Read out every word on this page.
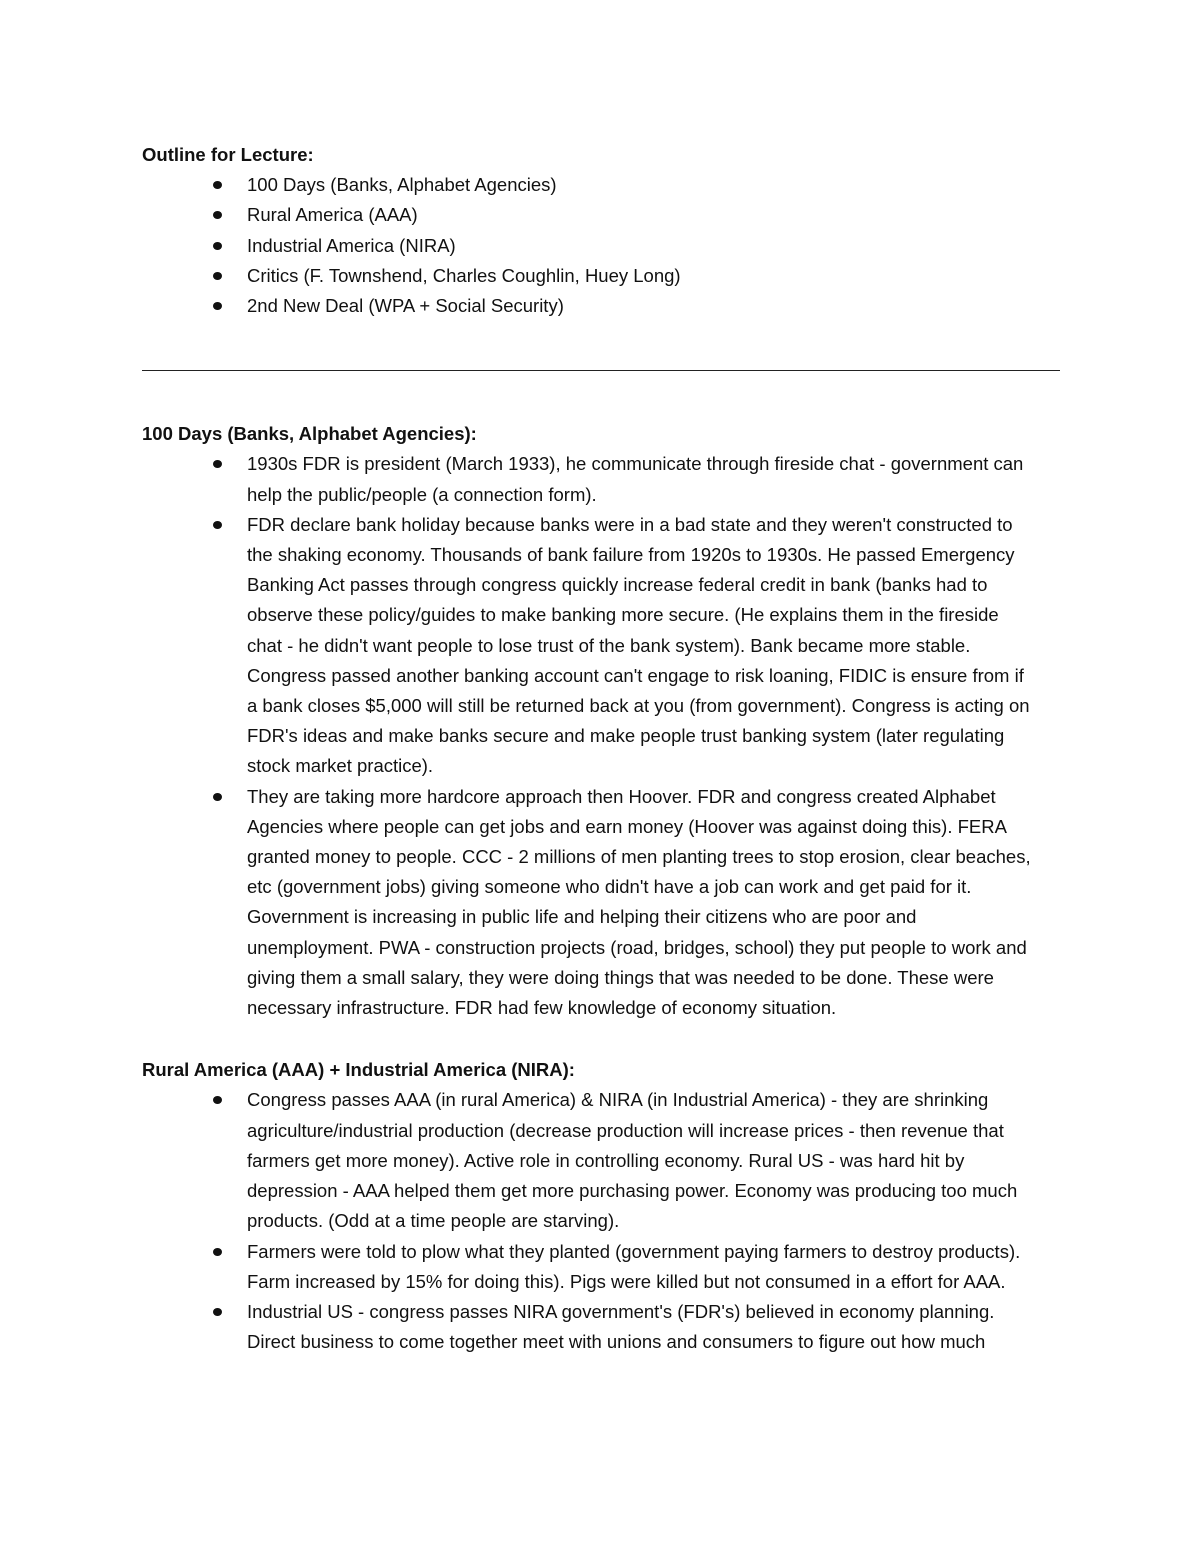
Outline for Lecture:

100 Days (Banks, Alphabet Agencies)
Rural America (AAA)
Industrial America (NIRA)
Critics (F. Townshend, Charles Coughlin, Huey Long)
2nd New Deal (WPA + Social Security)

100 Days (Banks, Alphabet Agencies):

1930s FDR is president (March 1933), he communicate through fireside chat - government can help the public/people (a connection form).
FDR declare bank holiday because banks were in a bad state and they weren't constructed to the shaking economy. Thousands of bank failure from 1920s to 1930s. He passed Emergency Banking Act passes through congress quickly increase federal credit in bank (banks had to observe these policy/guides to make banking more secure. (He explains them in the fireside chat - he didn't want people to lose trust of the bank system). Bank became more stable. Congress passed another banking account can't engage to risk loaning, FIDIC is ensure from if a bank closes $5,000 will still be returned back at you (from government). Congress is acting on FDR's ideas and make banks secure and make people trust banking system (later regulating stock market practice).
They are taking more hardcore approach then Hoover. FDR and congress created Alphabet Agencies where people can get jobs and earn money (Hoover was against doing this). FERA granted money to people. CCC - 2 millions of men planting trees to stop erosion, clear beaches, etc (government jobs) giving someone who didn't have a job can work and get paid for it. Government is increasing in public life and helping their citizens who are poor and unemployment. PWA - construction projects (road, bridges, school) they put people to work and giving them a small salary, they were doing things that was needed to be done. These were necessary infrastructure. FDR had few knowledge of economy situation.

Rural America (AAA) + Industrial America (NIRA):

Congress passes AAA (in rural America) & NIRA (in Industrial America) - they are shrinking agriculture/industrial production (decrease production will increase prices - then revenue that farmers get more money). Active role in controlling economy. Rural US - was hard hit by depression - AAA helped them get more purchasing power. Economy was producing too much products. (Odd at a time people are starving).
Farmers were told to plow what they planted (government paying farmers to destroy products). Farm increased by 15% for doing this). Pigs were killed but not consumed in a effort for AAA.
Industrial US - congress passes NIRA government's (FDR's) believed in economy planning. Direct business to come together meet with unions and consumers to figure out how much
